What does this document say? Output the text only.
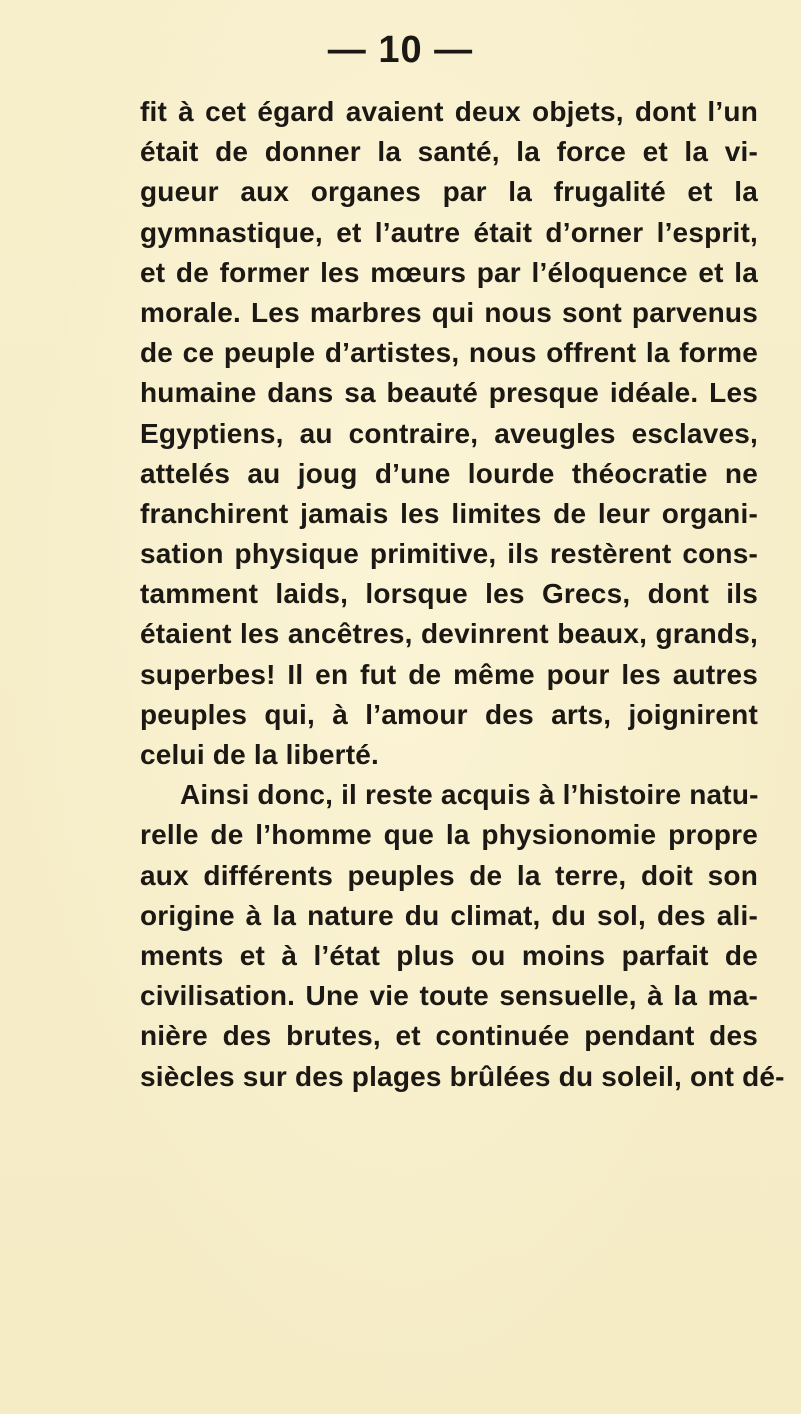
— 10 —
fit à cet égard avaient deux objets, dont l’un
était de donner la santé, la force et la vi-
gueur aux organes par la frugalité et la
gymnastique, et l’autre était d’orner l’esprit,
et de former les mœurs par l’éloquence et la
morale. Les marbres qui nous sont parvenus
de ce peuple d’artistes, nous offrent la forme
humaine dans sa beauté presque idéale. Les
Egyptiens, au contraire, aveugles esclaves,
attelés au joug d’une lourde théocratie ne
franchirent jamais les limites de leur organi-
sation physique primitive, ils restèrent cons-
tamment laids, lorsque les Grecs, dont ils
étaient les ancêtres, devinrent beaux, grands,
superbes! Il en fut de même pour les autres
peuples qui, à l’amour des arts, joignirent
celui de la liberté.
Ainsi donc, il reste acquis à l’histoire natu-
relle de l’homme que la physionomie propre
aux différents peuples de la terre, doit son
origine à la nature du climat, du sol, des ali-
ments et à l’état plus ou moins parfait de
civilisation. Une vie toute sensuelle, à la ma-
nière des brutes, et continuée pendant des
siècles sur des plages brûlées du soleil, ont dé-
